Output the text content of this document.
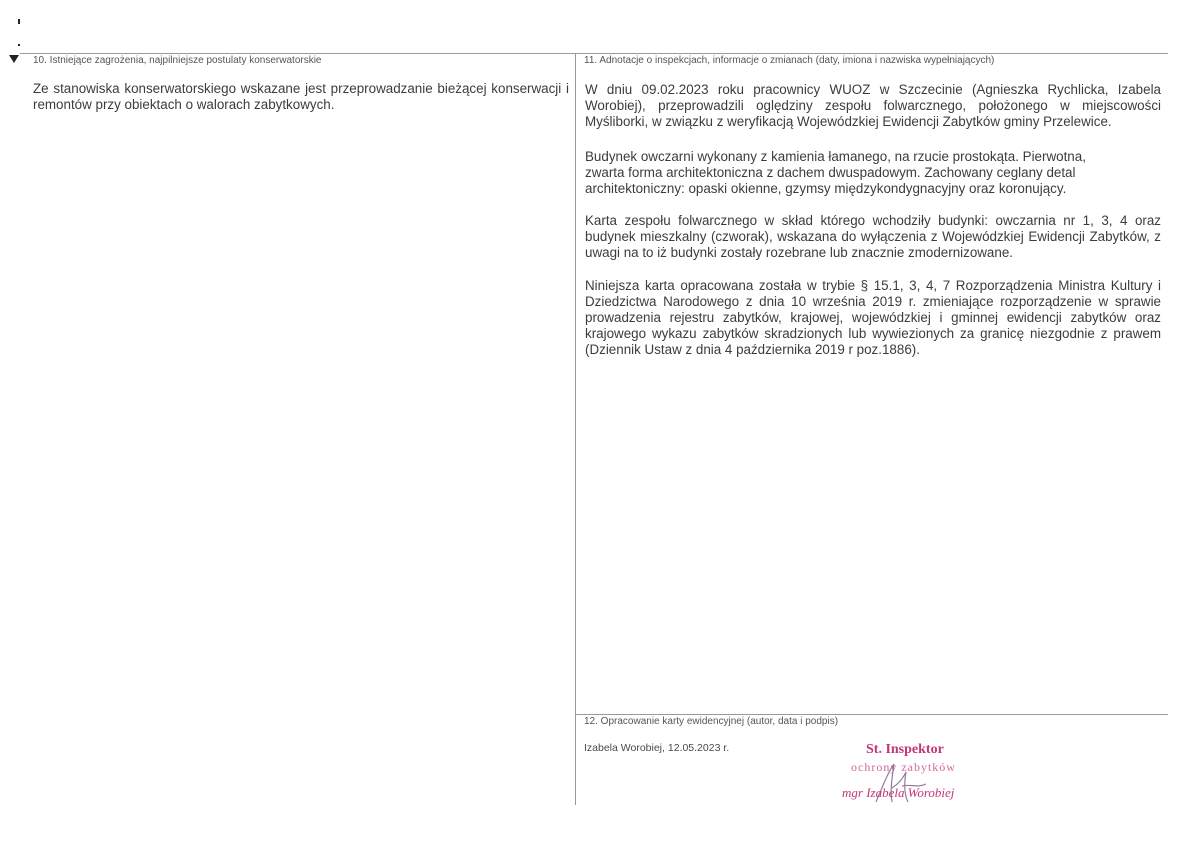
10. Istniejące zagrożenia, najpilniejsze postulaty konserwatorskie

Ze stanowiska konserwatorskiego wskazane jest przeprowadzanie bieżącej konserwacji i remontów przy obiektach o walorach zabytkowych.

11. Adnotacje o inspekcjach, informacje o zmianach (daty, imiona i nazwiska wypełniających)

W dniu 09.02.2023 roku pracownicy WUOZ w Szczecinie (Agnieszka Rychlicka, Izabela Worobiej), przeprowadzili oględziny zespołu folwarcznego, położonego w miejscowości Myśliborki, w związku z weryfikacją Wojewódzkiej Ewidencji Zabytków gminy Przelewice.

Budynek owczarni wykonany z kamienia łamanego, na rzucie prostokąta. Pierwotna, zwarta forma architektoniczna z dachem dwuspadowym. Zachowany ceglany detal architektoniczny: opaski okienne, gzymsy międzykondygnacyjny oraz koronujący.

Karta zespołu folwarcznego w skład którego wchodziły budynki: owczarnia nr 1, 3, 4 oraz budynek mieszkalny (czworak), wskazana do wyłączenia z Wojewódzkiej Ewidencji Zabytków, z uwagi na to iż budynki zostały rozebrane lub znacznie zmodernizowane.

Niniejsza karta opracowana została w trybie § 15.1, 3, 4, 7 Rozporządzenia Ministra Kultury i Dziedzictwa Narodowego z dnia 10 września 2019 r. zmieniające rozporządzenie w sprawie prowadzenia rejestru zabytków, krajowej, wojewódzkiej i gminnej ewidencji zabytków oraz krajowego wykazu zabytków skradzionych lub wywiezionych za granicę niezgodnie z prawem (Dziennik Ustaw z dnia 4 października 2019 r poz.1886).

12. Opracowanie karty ewidencyjnej (autor, data i podpis)
Izabela Worobiej, 12.05.2023 r.	St. Inspektor
ochrony zabytków
mgr Izabela Worobiej
